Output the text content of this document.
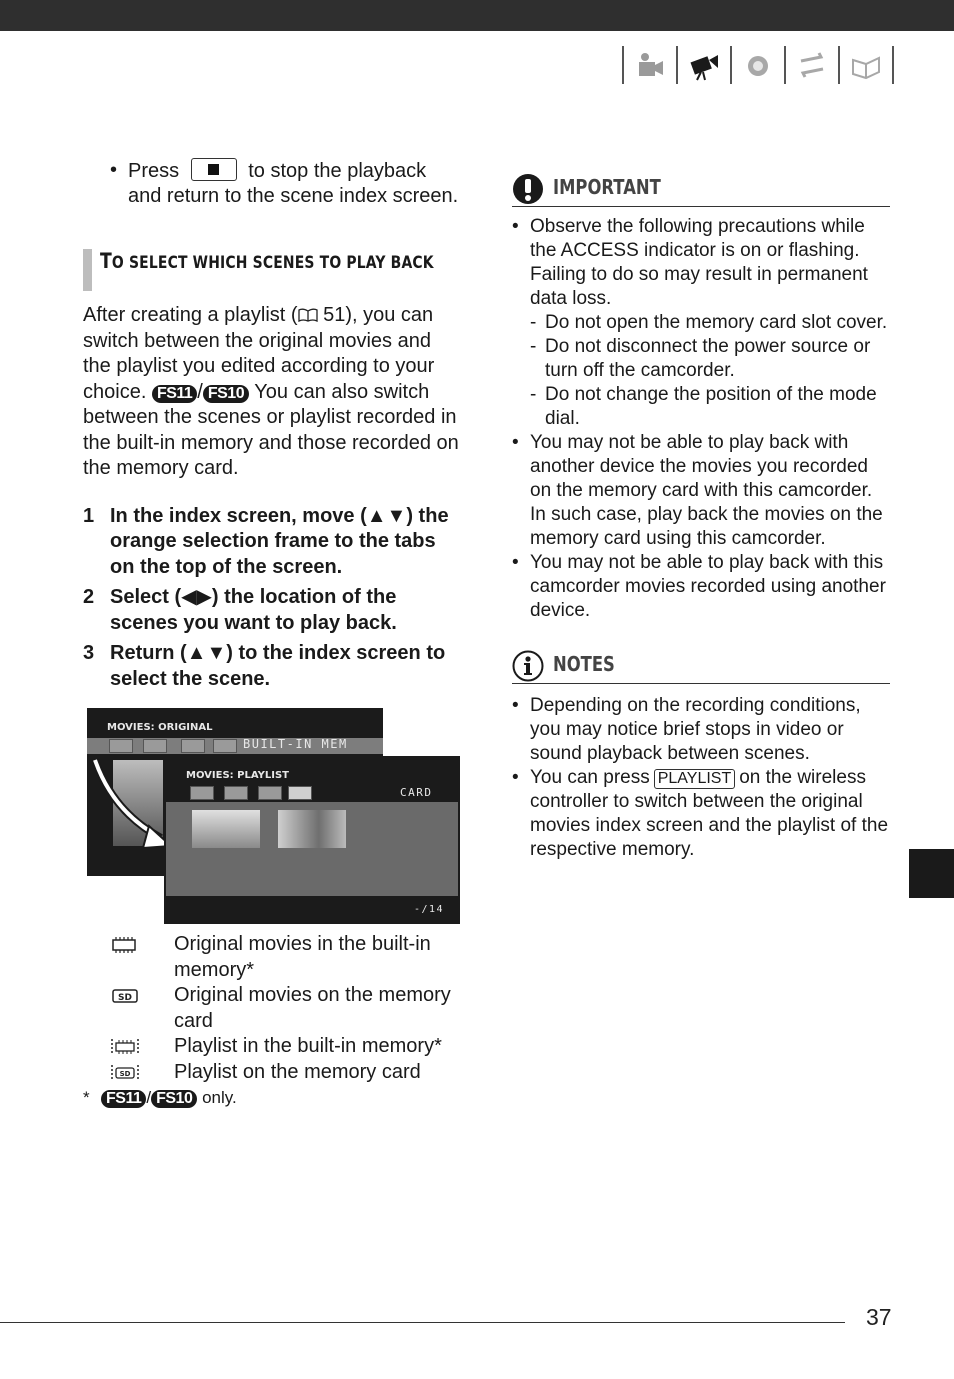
• Press	to stop the playback and return to the scene index screen.
TO SELECT WHICH SCENES TO PLAY BACK
After creating a playlist ( 51), you can switch between the original movies and the playlist you edited according to your choice. FS11 / FS10 You can also switch between the scenes or playlist recorded in the built-in memory and those recorded on the memory card.
1 In the index screen, move (▲▼) the orange selection frame to the tabs on the top of the screen.
2 Select (◀▶) the location of the scenes you want to play back.
3 Return (▲▼) to the index screen to select the scene.
MOVIES: ORIGINAL
BUILT-IN MEM
MOVIES: PLAYLIST
CARD
-/14
Original movies in the built-in memory*
SD Original movies on the memory card
Playlist in the built-in memory*
SD Playlist on the memory card
*	FS11 / FS10 only.
IMPORTANT
• Observe the following precautions while the ACCESS indicator is on or flashing. Failing to do so may result in permanent data loss.
- Do not open the memory card slot cover.
- Do not disconnect the power source or turn off the camcorder.
- Do not change the position of the mode dial.
• You may not be able to play back with another device the movies you recorded on the memory card with this camcorder. In such case, play back the movies on the memory card using this camcorder.
• You may not be able to play back with this camcorder movies recorded using another device.
NOTES
• Depending on the recording conditions, you may notice brief stops in video or sound playback between scenes.
• You can press PLAYLIST on the wireless controller to switch between the original movies index screen and the playlist of the respective memory.
37
